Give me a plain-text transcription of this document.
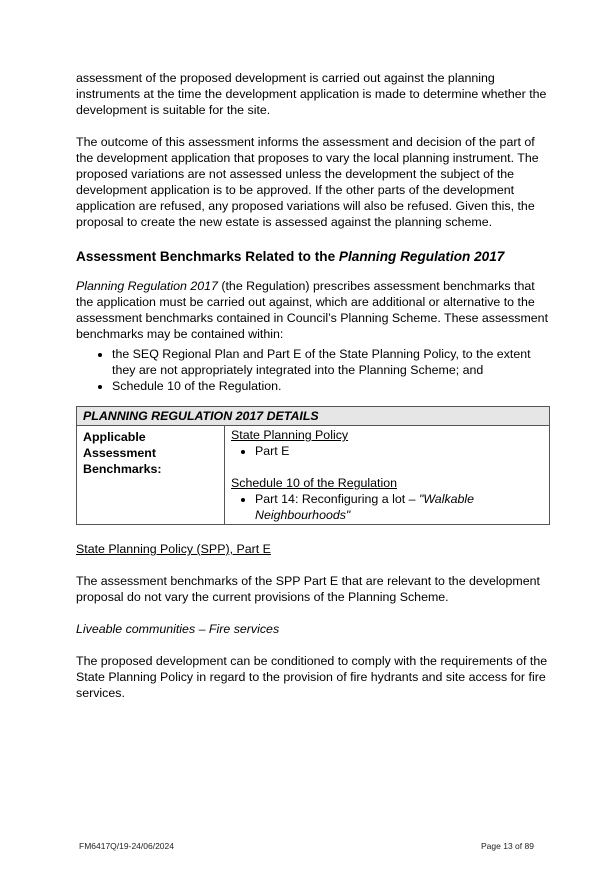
assessment of the proposed development is carried out against the planning instruments at the time the development application is made to determine whether the development is suitable for the site.

The outcome of this assessment informs the assessment and decision of the part of the development application that proposes to vary the local planning instrument. The proposed variations are not assessed unless the development the subject of the development application is to be approved. If the other parts of the development application are refused, any proposed variations will also be refused. Given this, the proposal to create the new estate is assessed against the planning scheme.

Assessment Benchmarks Related to the Planning Regulation 2017

Planning Regulation 2017 (the Regulation) prescribes assessment benchmarks that the application must be carried out against, which are additional or alternative to the assessment benchmarks contained in Council’s Planning Scheme. These assessment benchmarks may be contained within:

• the SEQ Regional Plan and Part E of the State Planning Policy, to the extent they are not appropriately integrated into the Planning Scheme; and
• Schedule 10 of the Regulation.
PLANNING REGULATION 2017 DETAILS
Applicable Assessment Benchmarks:	
State Planning Policy
• Part E
Schedule 10 of the Regulation
• Part 14: Reconfiguring a lot – "Walkable Neighbourhoods"

State Planning Policy (SPP), Part E

The assessment benchmarks of the SPP Part E that are relevant to the development proposal do not vary the current provisions of the Planning Scheme.

Liveable communities – Fire services

The proposed development can be conditioned to comply with the requirements of the State Planning Policy in regard to the provision of fire hydrants and site access for fire services.

FM6417Q/19-24/06/2024	Page 13 of 89
